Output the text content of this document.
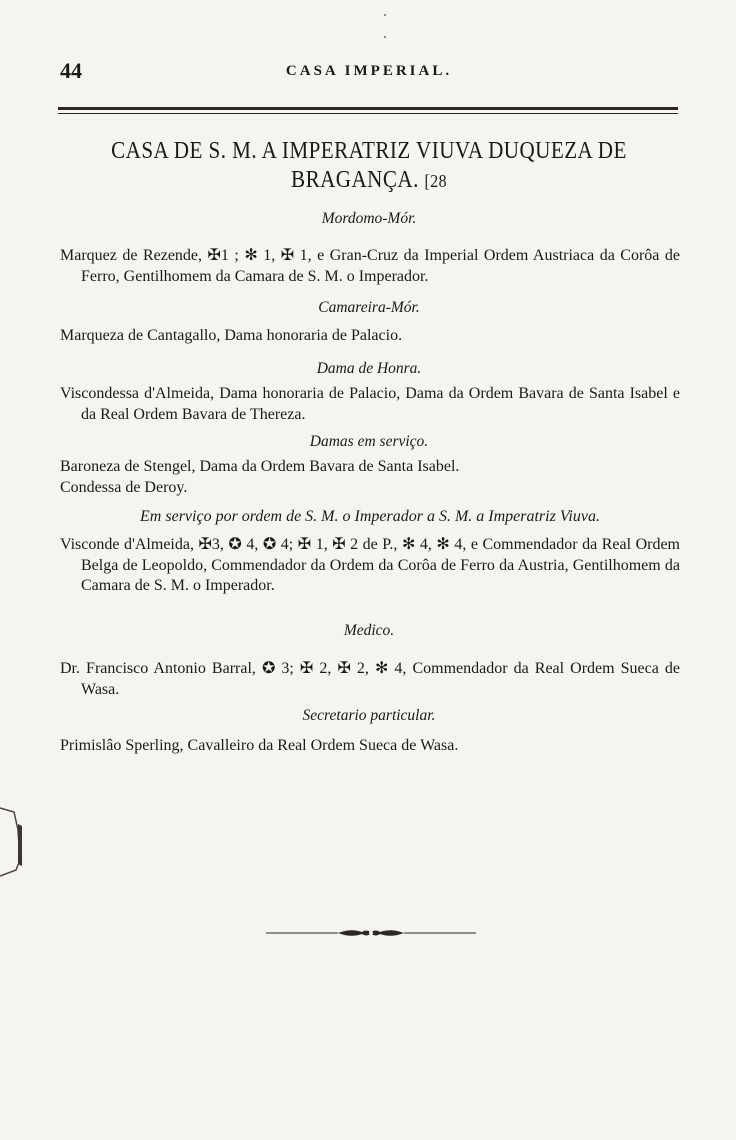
44	CASA IMPERIAL.
CASA DE S. M. A IMPERATRIZ VIUVA DUQUEZA DE BRAGANÇA. [28
Mordomo-Mór.
Marquez de Rezende, ✠1 ; ✻ 1, ✠ 1, e Gran-Cruz da Imperial Ordem Austriaca da Corôa de Ferro, Gentilhomem da Camara de S. M. o Imperador.
Camareira-Mór.
Marqueza de Cantagallo, Dama honoraria de Palacio.
Dama de Honra.
Viscondessa d'Almeida, Dama honoraria de Palacio, Dama da Ordem Bavara de Santa Isabel e da Real Ordem Bavara de Thereza.
Damas em serviço.
Baroneza de Stengel, Dama da Ordem Bavara de Santa Isabel.
Condessa de Deroy.
Em serviço por ordem de S. M. o Imperador a S. M. a Imperatriz Viuva.
Visconde d'Almeida, ✠3, ✪ 4, ✪ 4; ✠ 1, ✠ 2 de P., ✻ 4, ✻ 4, e Commendador da Real Ordem Belga de Leopoldo, Commendador da Ordem da Corôa de Ferro da Austria, Gentilhomem da Camara de S. M. o Imperador.
Medico.
Dr. Francisco Antonio Barral, ✪ 3; ✠ 2, ✠ 2, ✻ 4, Commendador da Real Ordem Sueca de Wasa.
Secretario particular.
Primislâo Sperling, Cavalleiro da Real Ordem Sueca de Wasa.
